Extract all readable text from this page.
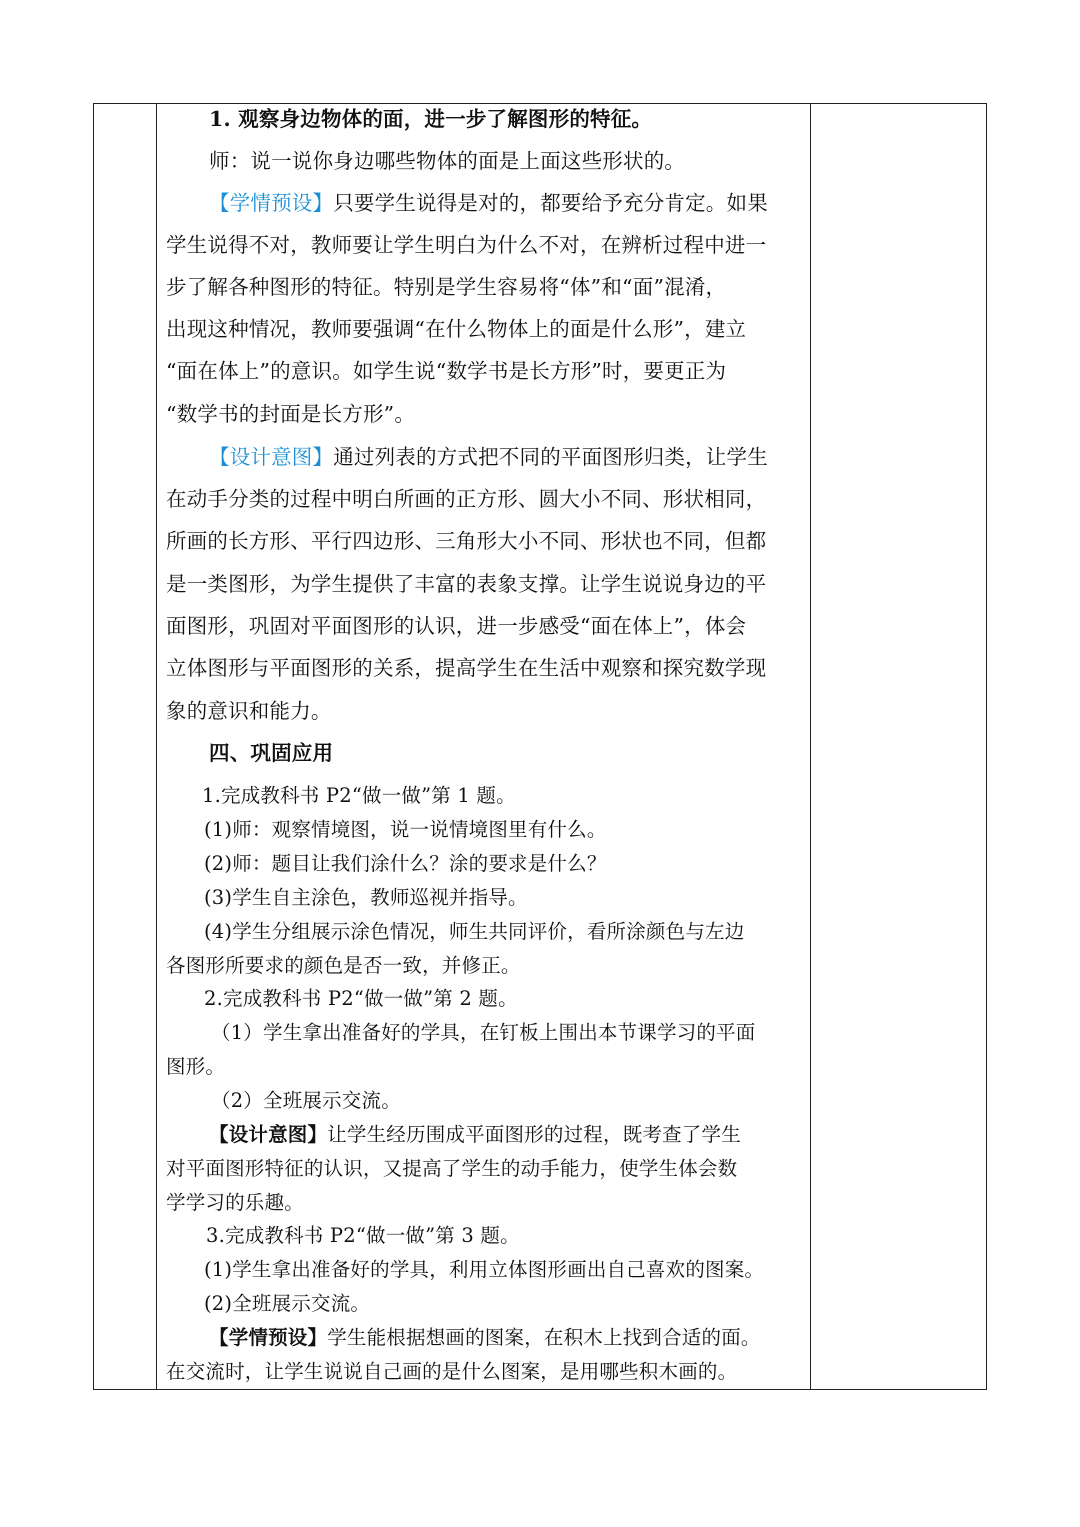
1. 观察身边物体的面，进一步了解图形的特征。
师：说一说你身边哪些物体的面是上面这些形状的。
【学情预设】只要学生说得是对的，都要给予充分肯定。如果
学生说得不对，教师要让学生明白为什么不对，在辨析过程中进一
步了解各种图形的特征。特别是学生容易将“体”和“面”混淆，
出现这种情况，教师要强调“在什么物体上的面是什么形”，建立
“面在体上”的意识。如学生说“数学书是长方形”时，要更正为
“数学书的封面是长方形”。
【设计意图】通过列表的方式把不同的平面图形归类，让学生
在动手分类的过程中明白所画的正方形、圆大小不同、形状相同，
所画的长方形、平行四边形、三角形大小不同、形状也不同，但都
是一类图形，为学生提供了丰富的表象支撑。让学生说说身边的平
面图形，巩固对平面图形的认识，进一步感受“面在体上”，体会
立体图形与平面图形的关系，提高学生在生活中观察和探究数学现
象的意识和能力。
四、巩固应用
1.完成教科书 P2“做一做”第 1 题。
(1)师：观察情境图，说一说情境图里有什么。
(2)师：题目让我们涂什么？涂的要求是什么？
(3)学生自主涂色，教师巡视并指导。
(4)学生分组展示涂色情况，师生共同评价，看所涂颜色与左边
各图形所要求的颜色是否一致，并修正。
2.完成教科书 P2“做一做”第 2 题。
（1）学生拿出准备好的学具，在钉板上围出本节课学习的平面
图形。
（2）全班展示交流。
【设计意图】让学生经历围成平面图形的过程，既考查了学生
对平面图形特征的认识，又提高了学生的动手能力，使学生体会数
学学习的乐趣。
3.完成教科书 P2“做一做”第 3 题。
(1)学生拿出准备好的学具，利用立体图形画出自己喜欢的图案。
(2)全班展示交流。
【学情预设】学生能根据想画的图案，在积木上找到合适的面。
在交流时，让学生说说自己画的是什么图案，是用哪些积木画的。
